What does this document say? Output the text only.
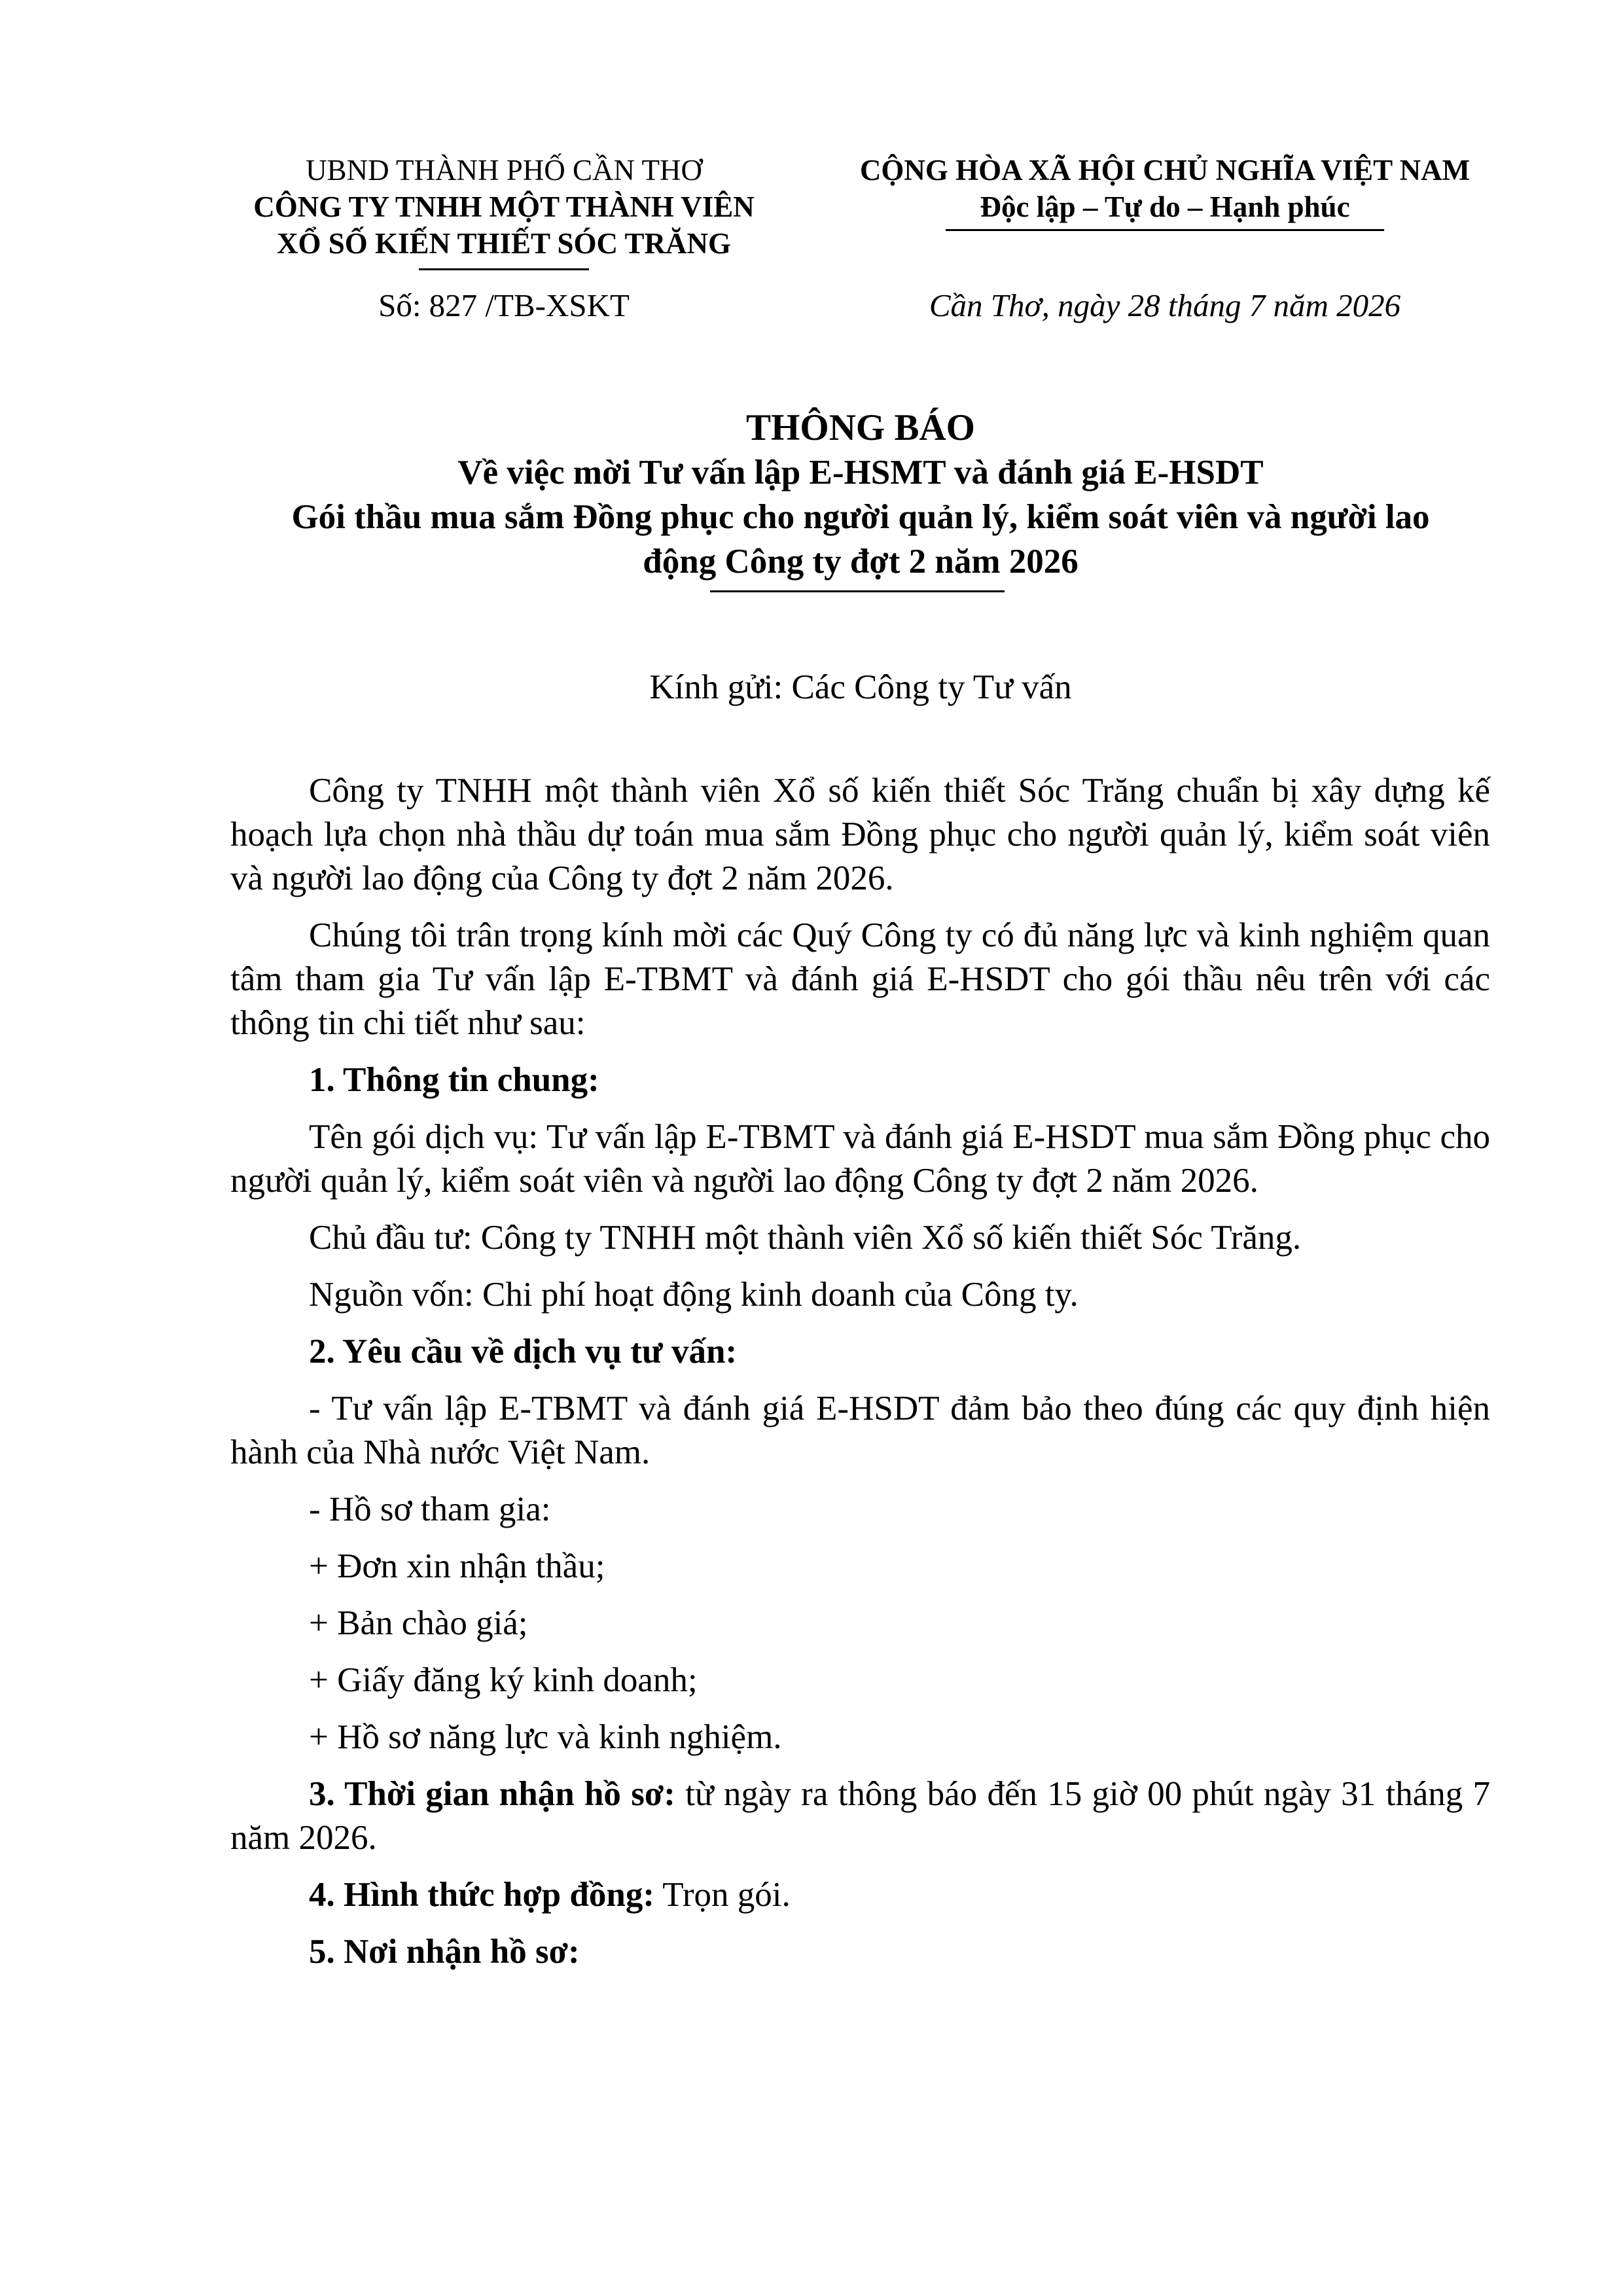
UBND THÀNH PHỐ CẦN THƠ
CÔNG TY TNHH MỘT THÀNH VIÊN
XỔ SỐ KIẾN THIẾT SÓC TRĂNG
CỘNG HÒA XÃ HỘI CHỦ NGHĨA VIỆT NAM
Độc lập – Tự do – Hạnh phúc
Số: 827 /TB-XSKT	Cần Thơ, ngày 28 tháng 7 năm 2026
THÔNG BÁO
Về việc mời Tư vấn lập E-HSMT và đánh giá E-HSDT
Gói thầu mua sắm Đồng phục cho người quản lý, kiểm soát viên và người lao
động Công ty đợt 2 năm 2026
Kính gửi: Các Công ty Tư vấn

Công ty TNHH một thành viên Xổ số kiến thiết Sóc Trăng chuẩn bị xây dựng kế hoạch lựa chọn nhà thầu dự toán mua sắm Đồng phục cho người quản lý, kiểm soát viên và người lao động của Công ty đợt 2 năm 2026.

Chúng tôi trân trọng kính mời các Quý Công ty có đủ năng lực và kinh nghiệm quan tâm tham gia Tư vấn lập E-TBMT và đánh giá E-HSDT cho gói thầu nêu trên với các thông tin chi tiết như sau:

1. Thông tin chung:

Tên gói dịch vụ: Tư vấn lập E-TBMT và đánh giá E-HSDT mua sắm Đồng phục cho người quản lý, kiểm soát viên và người lao động Công ty đợt 2 năm 2026.

Chủ đầu tư: Công ty TNHH một thành viên Xổ số kiến thiết Sóc Trăng.

Nguồn vốn: Chi phí hoạt động kinh doanh của Công ty.

2. Yêu cầu về dịch vụ tư vấn:

- Tư vấn lập E-TBMT và đánh giá E-HSDT đảm bảo theo đúng các quy định hiện hành của Nhà nước Việt Nam.

- Hồ sơ tham gia:

+ Đơn xin nhận thầu;

+ Bản chào giá;

+ Giấy đăng ký kinh doanh;

+ Hồ sơ năng lực và kinh nghiệm.

3. Thời gian nhận hồ sơ: từ ngày ra thông báo đến 15 giờ 00 phút ngày 31 tháng 7 năm 2026.

4. Hình thức hợp đồng: Trọn gói.

5. Nơi nhận hồ sơ:
